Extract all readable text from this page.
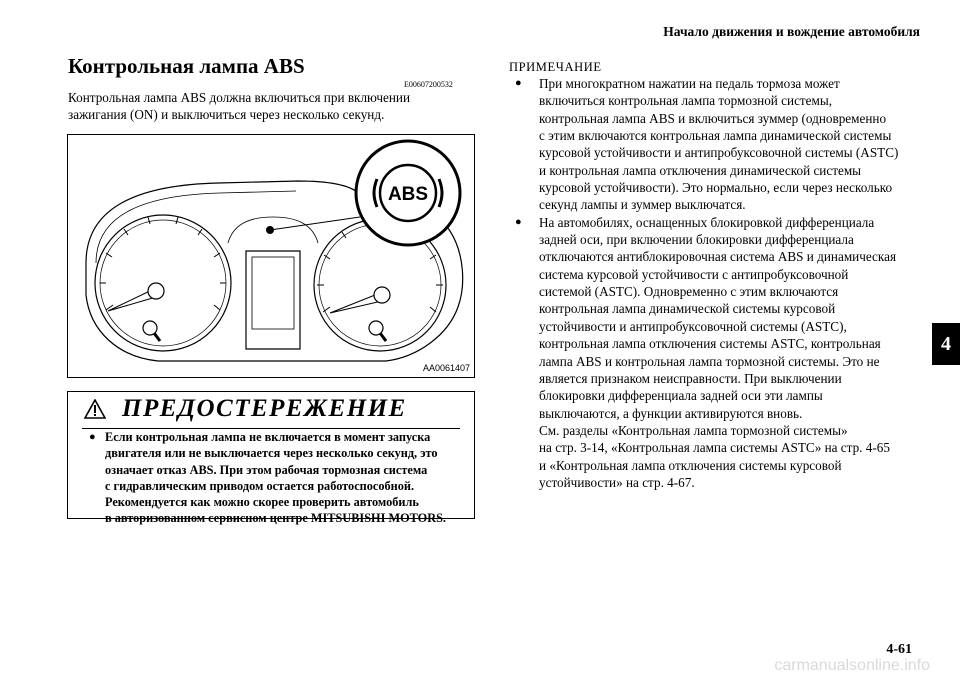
Начало движения и вождение автомобиля
Контрольная лампа ABS
E00607200532
Контрольная лампа ABS должна включиться при включении
зажигания (ON) и выключиться через несколько секунд.
ABS
AA0061407
ПРЕДОСТЕРЕЖЕНИЕ
● Если контрольная лампа не включается в момент запуска
двигателя или не выключается через несколько секунд, это
означает отказ ABS. При этом рабочая тормозная система
с гидравлическим приводом остается работоспособной.
Рекомендуется как можно скорее проверить автомобиль
в авторизованном сервисном центре MITSUBISHI MOTORS.
ПРИМЕЧАНИЕ
●	При многократном нажатии на педаль тормоза может
включиться контрольная лампа тормозной системы,
контрольная лампа ABS и включиться зуммер (одновременно
с этим включаются контрольная лампа динамической системы
курсовой устойчивости и антипробуксовочной системы (ASTC)
и контрольная лампа отключения динамической системы
курсовой устойчивости). Это нормально, если через несколько
секунд лампы и зуммер выключатся.
●	На автомобилях, оснащенных блокировкой дифференциала
задней оси, при включении блокировки дифференциала
отключаются антиблокировочная система ABS и динамическая
система курсовой устойчивости с антипробуксовочной
системой (ASTC). Одновременно с этим включаются
контрольная лампа динамической системы курсовой
устойчивости и антипробуксовочной системы (ASTC),
контрольная лампа отключения системы ASTC, контрольная
лампа ABS и контрольная лампа тормозной системы. Это не
является признаком неисправности. При выключении
блокировки дифференциала задней оси эти лампы
выключаются, а функции активируются вновь.
См. разделы «Контрольная лампа тормозной системы»
на стр. 3-14, «Контрольная лампа системы ASTC» на стр. 4-65
и «Контрольная лампа отключения системы курсовой
устойчивости» на стр. 4-67.
4
4-61
carmanualsonline.info
